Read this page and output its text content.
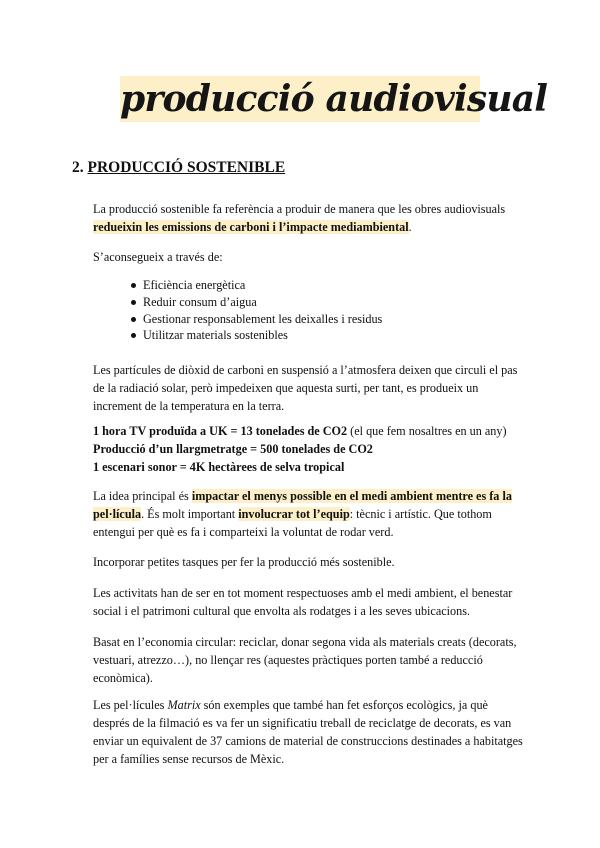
producció audiovisual
2. PRODUCCIÓ SOSTENIBLE
La producció sostenible fa referència a produir de manera que les obres audiovisuals redueixin les emissions de carboni i l’impacte mediambiental.
S’aconsegueix a través de:
Eficiència energètica
Reduir consum d’aigua
Gestionar responsablement les deixalles i residus
Utilitzar materials sostenibles
Les partícules de diòxid de carboni en suspensió a l’atmosfera deixen que circuli el pas de la radiació solar, però impedeixen que aquesta surti, per tant, es produeix un increment de la temperatura en la terra.
1 hora TV produïda a UK = 13 tonelades de CO2 (el que fem nosaltres en un any)
Producció d’un llargmetratge = 500 tonelades de CO2
1 escenari sonor = 4K hectàrees de selva tropical
La idea principal és impactar el menys possible en el medi ambient mentre es fa la pel·lícula. És molt important involucrar tot l’equip: tècnic i artístic. Que tothom entengui per què es fa i comparteixi la voluntat de rodar verd.
Incorporar petites tasques per fer la producció més sostenible.
Les activitats han de ser en tot moment respectuoses amb el medi ambient, el benestar social i el patrimoni cultural que envolta als rodatges i a les seves ubicacions.
Basat en l’economia circular: reciclar, donar segona vida als materials creats (decorats, vestuari, atrezzo…), no llençar res (aquestes pràctiques porten també a reducció econòmica).
Les pel·lícules Matrix són exemples que també han fet esforços ecològics, ja què després de la filmació es va fer un significatiu treball de reciclatge de decorats, es van enviar un equivalent de 37 camions de material de construccions destinades a habitatges per a famílies sense recursos de Mèxic.
